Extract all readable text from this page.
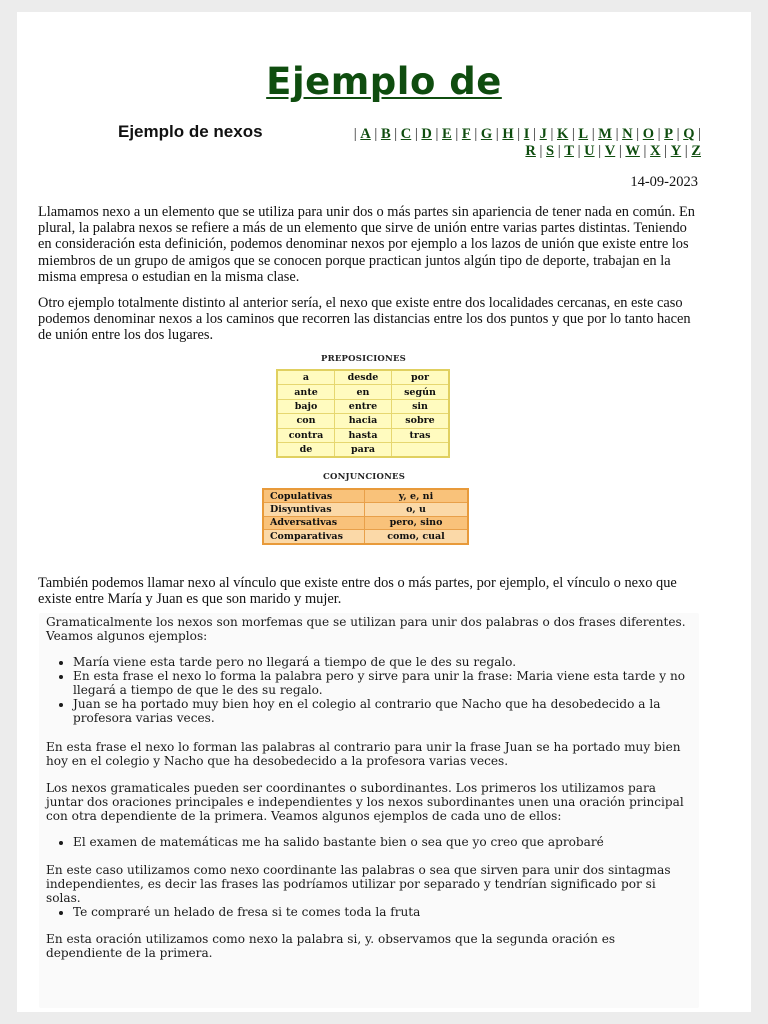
Ejemplo de
Ejemplo de nexos	| A | B | C | D | E | F | G | H | I | J | K | L | M | N | O | P | Q | R | S | T | U | V | W | X | Y | Z
14-09-2023
Llamamos nexo a un elemento que se utiliza para unir dos o más partes sin apariencia de tener nada en común. En plural, la palabra nexos se refiere a más de un elemento que sirve de unión entre varias partes distintas. Teniendo en consideración esta definición, podemos denominar nexos por ejemplo a los lazos de unión que existe entre los miembros de un grupo de amigos que se conocen porque practican juntos algún tipo de deporte, trabajan en la misma empresa o estudian en la misma clase.
Otro ejemplo totalmente distinto al anterior sería, el nexo que existe entre dos localidades cercanas, en este caso podemos denominar nexos a los caminos que recorren las distancias entre los dos puntos y que por lo tanto hacen de unión entre los dos lugares.
PREPOSICIONES
a	desde	por
ante	en	según
bajo	entre	sin
con	hacia	sobre
contra	hasta	tras
de	para	
CONJUNCIONES
Copulativas	y, e, ni
Disyuntivas	o, u
Adversativas	pero, sino
Comparativas	como, cual
También podemos llamar nexo al vínculo que existe entre dos o más partes, por ejemplo, el vínculo o nexo que existe entre María y Juan es que son marido y mujer.
Gramaticalmente los nexos son morfemas que se utilizan para unir dos palabras o dos frases diferentes. Veamos algunos ejemplos:
• María viene esta tarde pero no llegará a tiempo de que le des su regalo.
• En esta frase el nexo lo forma la palabra pero y sirve para unir la frase: Maria viene esta tarde y no llegará a tiempo de que le des su regalo.
• Juan se ha portado muy bien hoy en el colegio al contrario que Nacho que ha desobedecido a la profesora varias veces.
En esta frase el nexo lo forman las palabras al contrario para unir la frase Juan se ha portado muy bien hoy en el colegio y Nacho que ha desobedecido a la profesora varias veces.
Los nexos gramaticales pueden ser coordinantes o subordinantes. Los primeros los utilizamos para juntar dos oraciones principales e independientes y los nexos subordinantes unen una oración principal con otra dependiente de la primera. Veamos algunos ejemplos de cada uno de ellos:
• El examen de matemáticas me ha salido bastante bien o sea que yo creo que aprobaré
En este caso utilizamos como nexo coordinante las palabras o sea que sirven para unir dos sintagmas independientes, es decir las frases las podríamos utilizar por separado y tendrían significado por si solas.
• Te compraré un helado de fresa si te comes toda la fruta
En esta oración utilizamos como nexo la palabra si, y. observamos que la segunda oración es dependiente de la primera.
